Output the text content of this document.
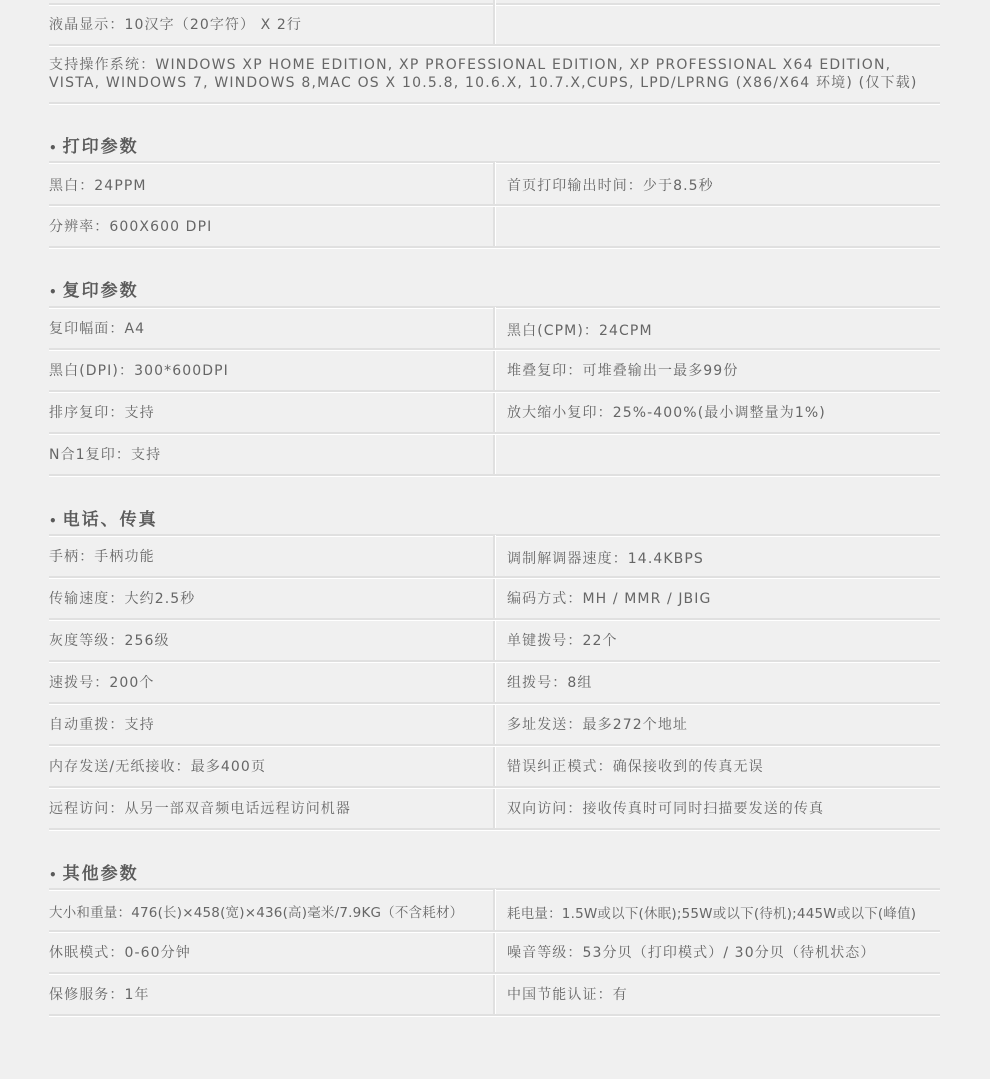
液晶显示：10汉字（20字符） X 2行
支持操作系统：WINDOWS XP HOME EDITION, XP PROFESSIONAL EDITION, XP PROFESSIONAL X64 EDITION, VISTA, WINDOWS 7, WINDOWS 8,MAC OS X 10.5.8, 10.6.X, 10.7.X,CUPS, LPD/LPRNG (X86/X64 环境) (仅下载)
• 打印参数
黑白：24PPM	首页打印输出时间：少于8.5秒
分辨率：600X600 DPI
• 复印参数
复印幅面：A4	黑白(CPM)：24CPM
黑白(DPI)：300*600DPI	堆叠复印：可堆叠输出一最多99份
排序复印：支持	放大缩小复印：25%-400%(最小调整量为1%)
N合1复印：支持
• 电话、传真
手柄：手柄功能	调制解调器速度：14.4KBPS
传输速度：大约2.5秒	编码方式：MH / MMR / JBIG
灰度等级：256级	单键拨号：22个
速拨号：200个	组拨号：8组
自动重拨：支持	多址发送：最多272个地址
内存发送/无纸接收：最多400页	错误纠正模式：确保接收到的传真无误
远程访问：从另一部双音频电话远程访问机器	双向访问：接收传真时可同时扫描要发送的传真
• 其他参数
大小和重量：476(长)×458(宽)×436(高)毫米/7.9KG（不含耗材）	耗电量：1.5W或以下(休眠);55W或以下(待机);445W或以下(峰值)
休眠模式：0-60分钟	噪音等级：53分贝（打印模式）/ 30分贝（待机状态）
保修服务：1年	中国节能认证：有
